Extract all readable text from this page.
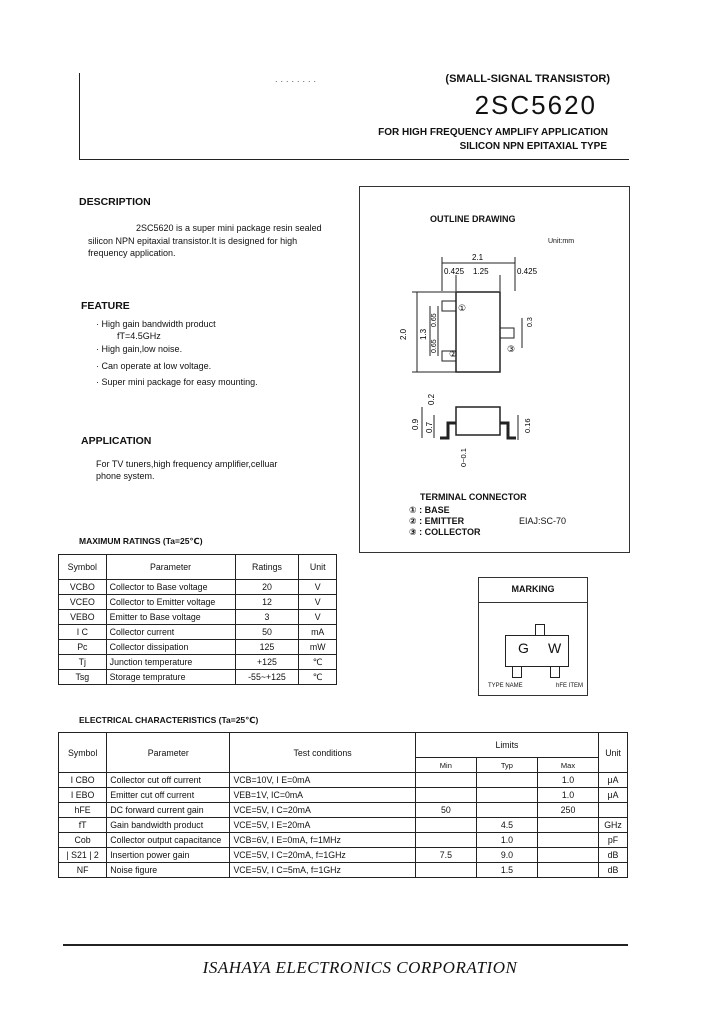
........	(SMALL-SIGNAL TRANSISTOR)
2SC5620
FOR HIGH FREQUENCY AMPLIFY APPLICATION
SILICON NPN EPITAXIAL TYPE
DESCRIPTION
2SC5620 is a super mini package resin sealed
silicon NPN epitaxial transistor.It is designed for high
frequency application.
FEATURE
· High gain bandwidth product
fT=4.5GHz
· High gain,low noise.
· Can operate at low voltage.
· Super mini package for easy mounting.
APPLICATION
For TV tuners,high frequency amplifier,celluar
phone system.
OUTLINE DRAWING
Unit:mm
2.1
0.425 1.25	0.425
2.0 1.3
0.65
0.65
0.3
①
②	③
0.9 0.7
0.2
0~0.1
0.16
TERMINAL CONNECTOR
① : BASE
② : EMITTER
③ : COLLECTOR
EIAJ:SC-70
MARKING
G W
TYPE NAME	hFE ITEM
MAXIMUM RATINGS (Ta=25℃)
Symbol	Parameter	Ratings	Unit
VCBO	Collector to Base voltage	20	V
VCEO	Collector to Emitter voltage	12	V
VEBO	Emitter to Base voltage	3	V
I C	Collector current	50	mA
Pc	Collector dissipation	125	mW
Tj	Junction temperature	+125	℃
Tsg	Storage temprature	-55~+125	℃
ELECTRICAL CHARACTERISTICS (Ta=25℃)
Symbol	Parameter	Test conditions	Limits			Unit
			Min	Typ	Max	
I CBO	Collector cut off current	VCB=10V, I E=0mA			1.0	μA
I EBO	Emitter cut off current	VEB=1V, IC=0mA			1.0	μA
hFE	DC forward current gain	VCE=5V, I C=20mA	50		250	
fT	Gain bandwidth product	VCE=5V, I E=20mA		4.5		GHz
Cob	Collector output capacitance	VCB=6V, I E=0mA, f=1MHz		1.0		pF
| S21 | 2	Insertion power gain	VCE=5V, I C=20mA, f=1GHz	7.5	9.0		dB
NF	Noise figure	VCE=5V, I C=5mA, f=1GHz		1.5		dB
ISAHAYA ELECTRONICS CORPORATION
